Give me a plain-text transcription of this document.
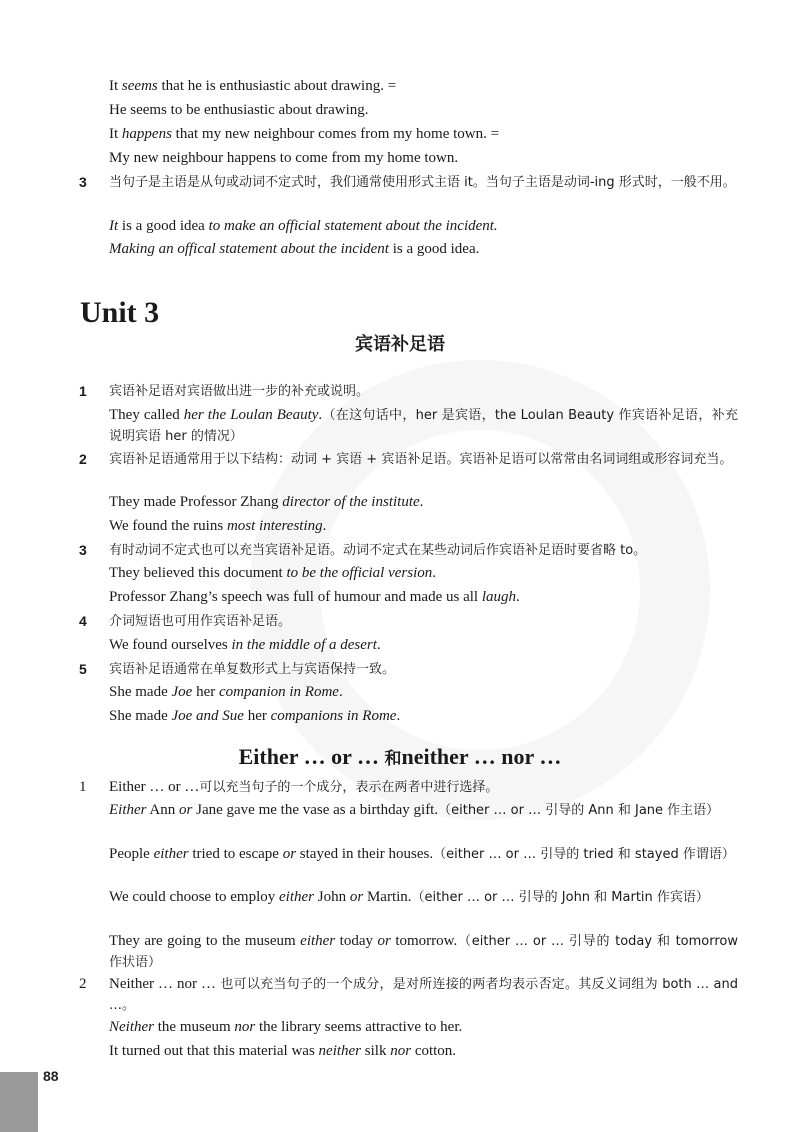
It seems that he is enthusiastic about drawing. =
He seems to be enthusiastic about drawing.
It happens that my new neighbour comes from my home town. =
My new neighbour happens to come from my home town.
3 当句子是主语是从句或动词不定式时，我们通常使用形式主语 it。当句子主语是动词-ing 形式时，一般不用。
It is a good idea to make an official statement about the incident.
Making an offical statement about the incident is a good idea.
Unit 3
宾语补足语
1 宾语补足语对宾语做出进一步的补充或说明。
They called her the Loulan Beauty.（在这句话中，her 是宾语，the Loulan Beauty 作宾语补足语，补充说明宾语 her 的情况）
2 宾语补足语通常用于以下结构：动词 + 宾语 + 宾语补足语。宾语补足语可以常常由名词词组或形容词充当。
They made Professor Zhang director of the institute.
We found the ruins most interesting.
3 有时动词不定式也可以充当宾语补足语。动词不定式在某些动词后作宾语补足语时要省略 to。
They believed this document to be the official version.
Professor Zhang’s speech was full of humour and made us all laugh.
4 介词短语也可用作宾语补足语。
We found ourselves in the middle of a desert.
5 宾语补足语通常在单复数形式上与宾语保持一致。
She made Joe her companion in Rome.
She made Joe and Sue her companions in Rome.
Either … or … 和neither … nor …
1 Either … or …可以充当句子的一个成分，表示在两者中进行选择。
Either Ann or Jane gave me the vase as a birthday gift.（either … or … 引导的 Ann 和 Jane 作主语）
People either tried to escape or stayed in their houses.（either … or … 引导的 tried 和 stayed 作谓语）
We could choose to employ either John or Martin.（either … or … 引导的 John 和 Martin 作宾语）
They are going to the museum either today or tomorrow.（either … or … 引导的 today 和 tomorrow 作状语）
2 Neither … nor … 也可以充当句子的一个成分，是对所连接的两者均表示否定。其反义词组为 both … and …。
Neither the museum nor the library seems attractive to her.
It turned out that this material was neither silk nor cotton.
88
